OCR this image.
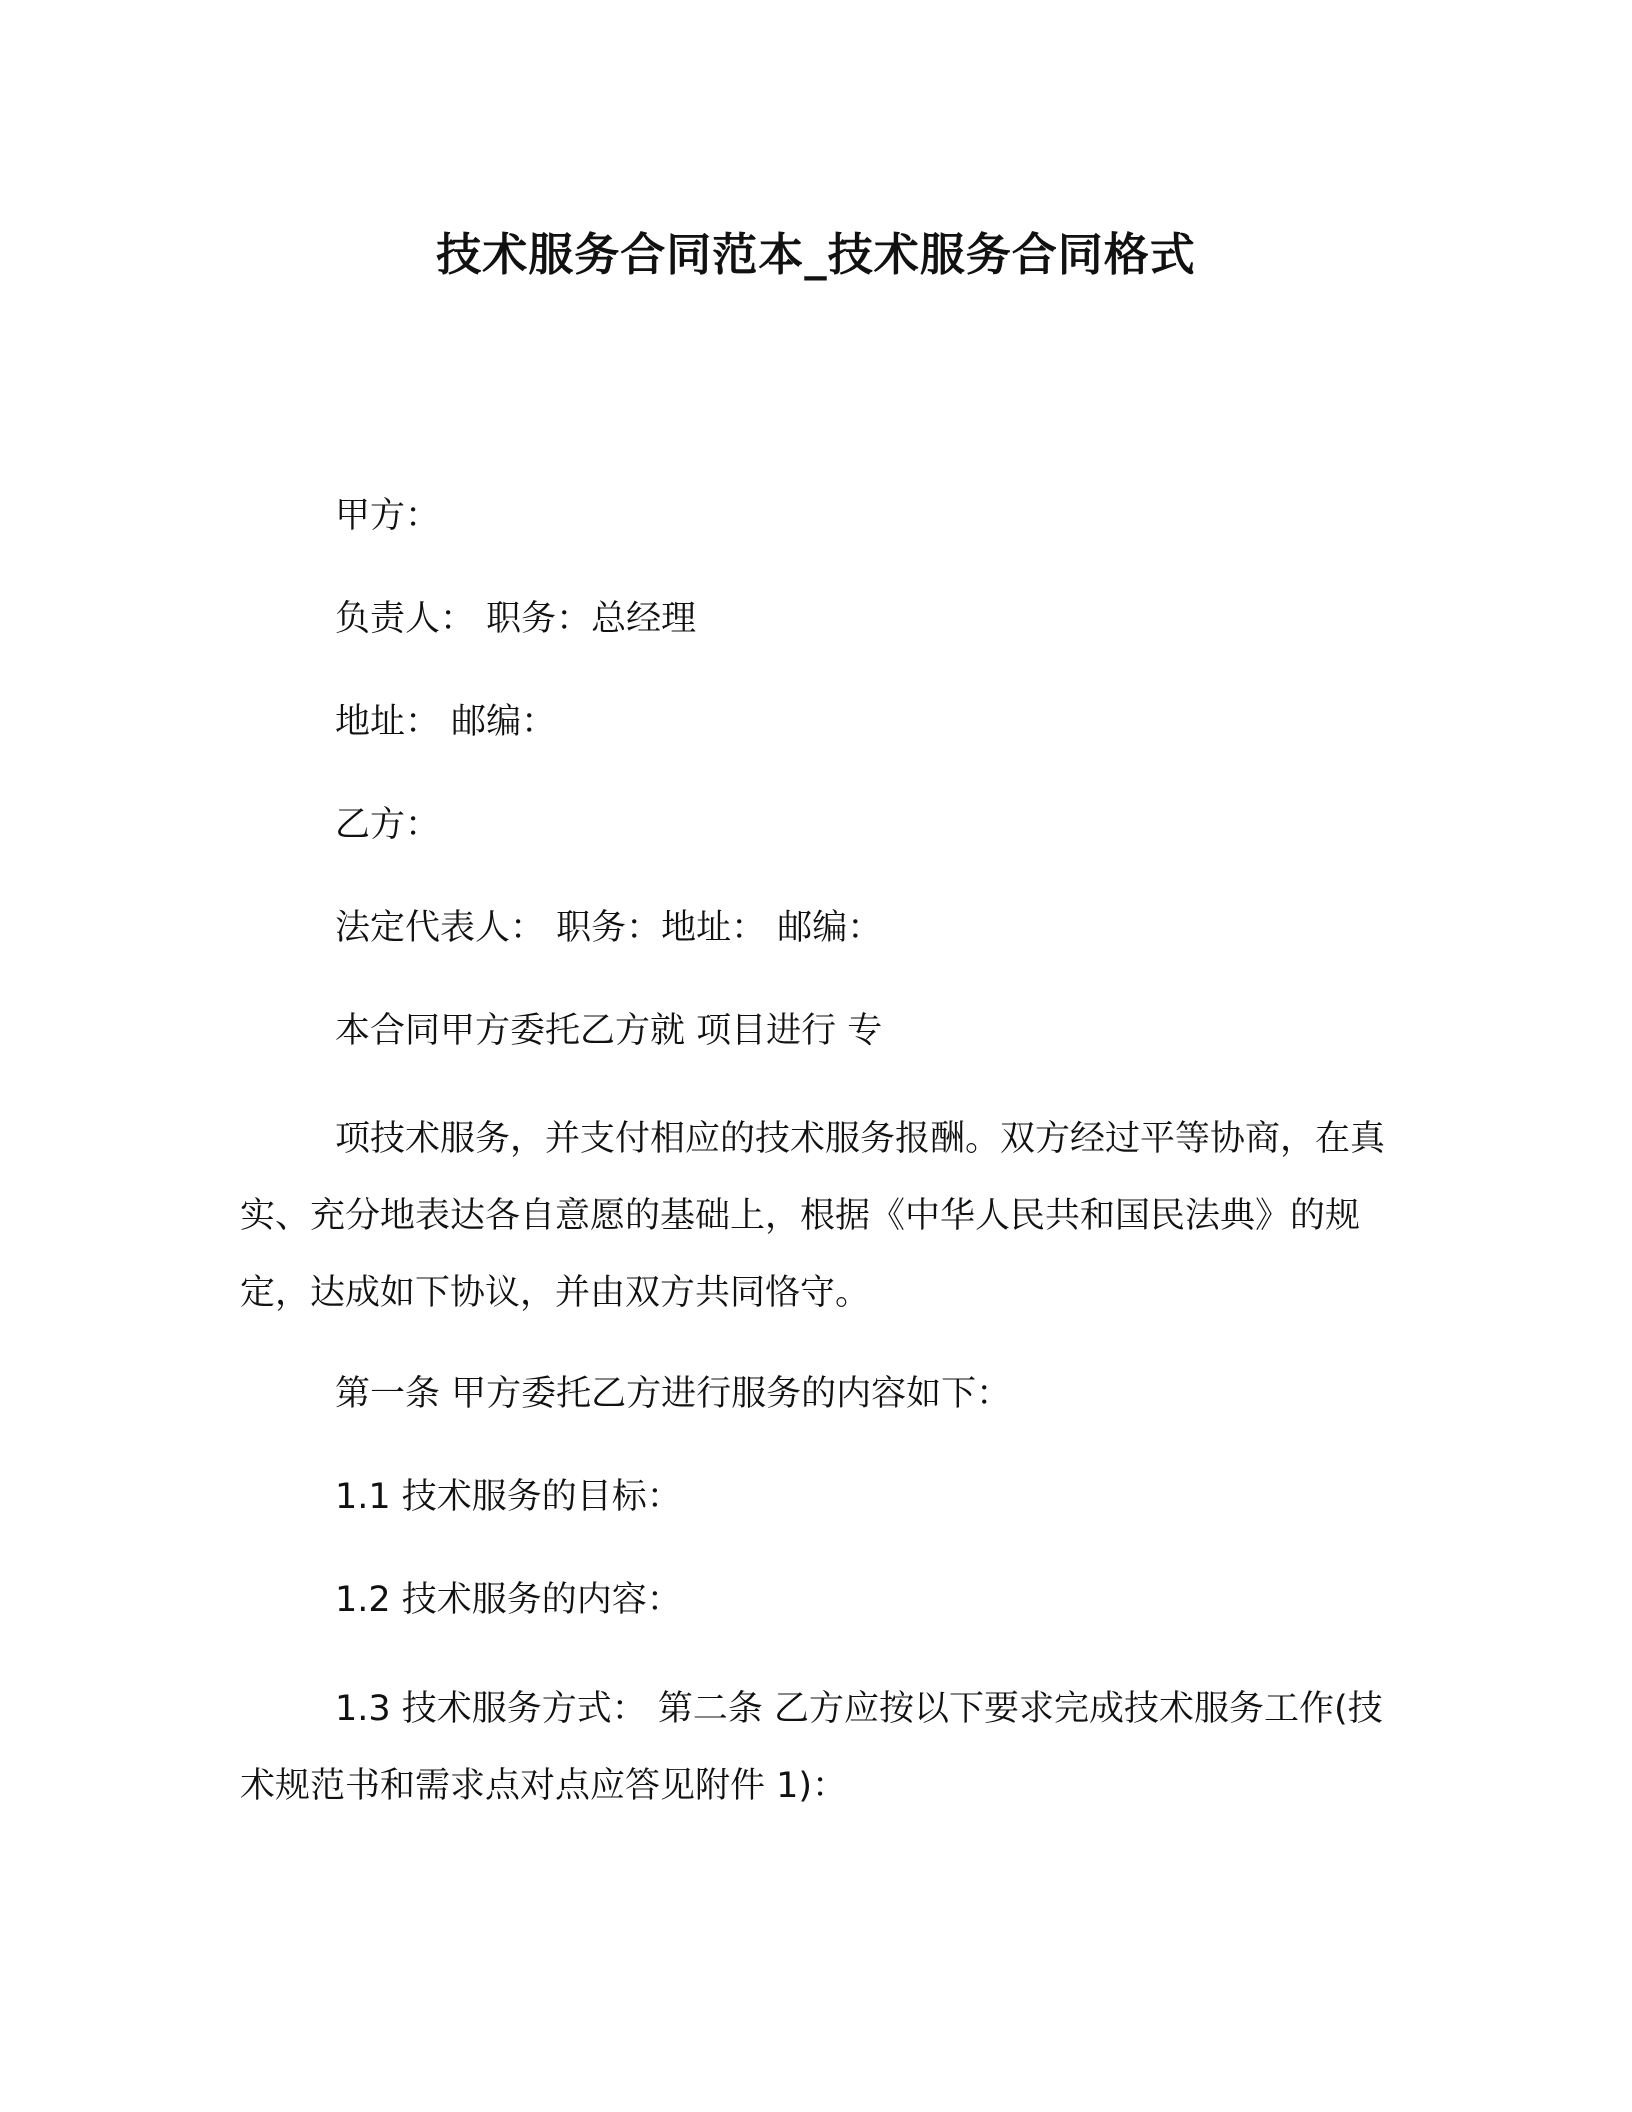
技术服务合同范本_技术服务合同格式
甲方：
负责人： 职务：总经理
地址： 邮编：
乙方：
法定代表人： 职务：地址： 邮编：
本合同甲方委托乙方就 项目进行 专
项技术服务，并支付相应的技术服务报酬。双方经过平等协商，在真实、充分地表达各自意愿的基础上，根据《中华人民共和国民法典》的规定，达成如下协议，并由双方共同恪守。
第一条 甲方委托乙方进行服务的内容如下：
1.1 技术服务的目标：
1.2 技术服务的内容：
1.3 技术服务方式： 第二条 乙方应按以下要求完成技术服务工作(技术规范书和需求点对点应答见附件 1)：
